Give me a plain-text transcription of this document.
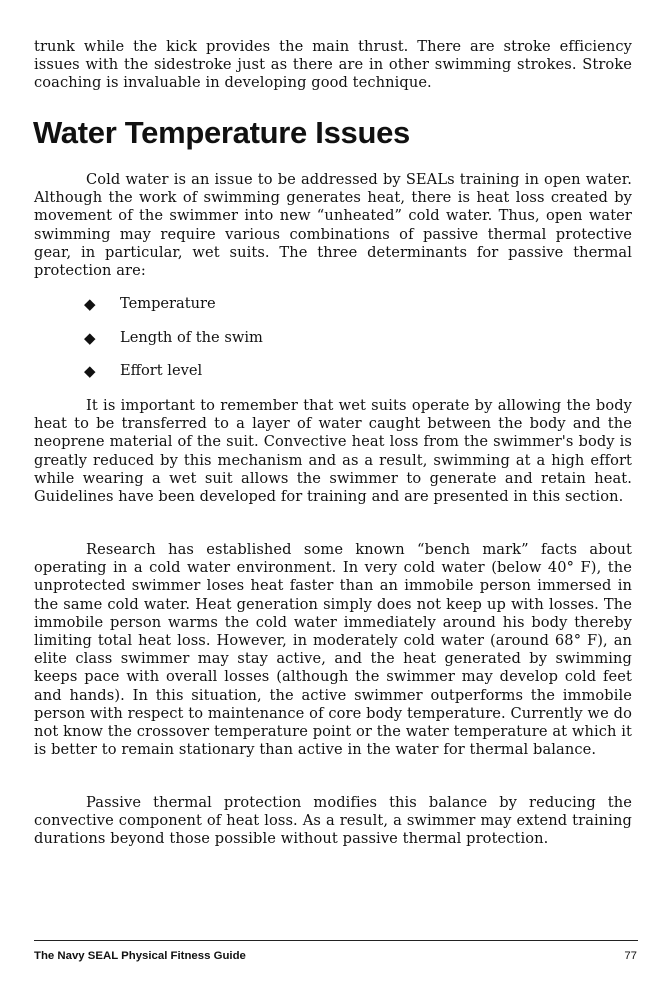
trunk while the kick provides the main thrust. There are stroke efficiency issues with the sidestroke just as there are in other swimming strokes. Stroke coaching is invaluable in developing good technique.

Water Temperature Issues

Cold water is an issue to be addressed by SEALs training in open water. Although the work of swimming generates heat, there is heat loss created by movement of the swimmer into new “unheated” cold water. Thus, open water swimming may require various combinations of passive thermal protective gear, in particular, wet suits. The three determinants for passive thermal protection are:

◆	Temperature
◆	Length of the swim
◆	Effort level

It is important to remember that wet suits operate by allowing the body heat to be transferred to a layer of water caught between the body and the neoprene material of the suit. Convective heat loss from the swimmer's body is greatly reduced by this mechanism and as a result, swimming at a high effort while wearing a wet suit allows the swimmer to generate and retain heat. Guidelines have been developed for training and are presented in this section.

Research has established some known “bench mark” facts about operating in a cold water environment. In very cold water (below 40° F), the unprotected swimmer loses heat faster than an immobile person immersed in the same cold water. Heat generation simply does not keep up with losses. The immobile person warms the cold water immediately around his body thereby limiting total heat loss. However, in moderately cold water (around 68° F), an elite class swimmer may stay active, and the heat generated by swimming keeps pace with overall losses (although the swimmer may develop cold feet and hands). In this situation, the active swimmer outperforms the immobile person with respect to maintenance of core body temperature. Currently we do not know the crossover temperature point or the water temperature at which it is better to remain stationary than active in the water for thermal balance.

Passive thermal protection modifies this balance by reducing the convective component of heat loss. As a result, a swimmer may extend training durations beyond those possible without passive thermal protection.

The Navy SEAL Physical Fitness Guide	77
